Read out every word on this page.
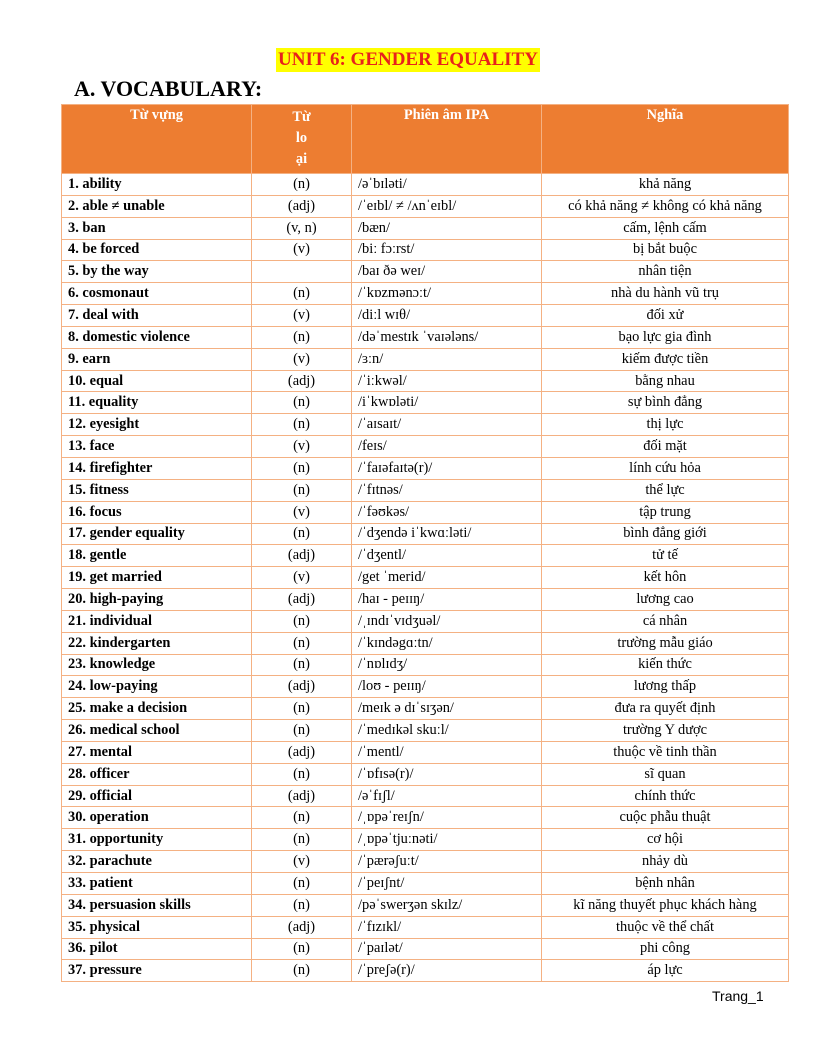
UNIT 6: GENDER EQUALITY
A. VOCABULARY:
Từ vựng	Từ
lo
ại	Phiên âm IPA	Nghĩa
1. ability	(n)	/əˈbɪləti/	khả năng
2. able ≠ unable	(adj)	/ˈeɪbl/ ≠ /ʌnˈeɪbl/	có khả năng ≠ không có khả năng
3. ban	(v, n)	/bæn/	cấm, lệnh cấm
4. be forced	(v)	/biː fɔːrst/	bị bắt buộc
5. by the way		/baɪ ðə weɪ/	nhân tiện
6. cosmonaut	(n)	/ˈkɒzmənɔːt/	nhà du hành vũ trụ
7. deal with	(v)	/diːl wɪθ/	đối xử
8. domestic violence	(n)	/dəˈmestɪk ˈvaɪələns/	bạo lực gia đình
9. earn	(v)	/ɜːn/	kiếm được tiền
10. equal	(adj)	/ˈiːkwəl/	bằng nhau
11. equality	(n)	/iˈkwɒləti/	sự bình đẳng
12. eyesight	(n)	/ˈaɪsaɪt/	thị lực
13. face	(v)	/feɪs/	đối mặt
14. firefighter	(n)	/ˈfaɪəfaɪtə(r)/	lính cứu hỏa
15. fitness	(n)	/ˈfɪtnəs/	thể lực
16. focus	(v)	/ˈfəʊkəs/	tập trung
17. gender equality	(n)	/ˈdʒendə iˈkwɑːləti/	bình đẳng giới
18. gentle	(adj)	/ˈdʒentl/	tử tế
19. get married	(v)	/get ˈmerid/	kết hôn
20. high-paying	(adj)	/haɪ - peɪɪŋ/	lương cao
21. individual	(n)	/ˌɪndɪˈvɪdʒuəl/	cá nhân
22. kindergarten	(n)	/ˈkɪndəgɑːtn/	trường mẫu giáo
23. knowledge	(n)	/ˈnɒlɪdʒ/	kiến thức
24. low-paying	(adj)	/loʊ - peɪɪŋ/	lương thấp
25. make a decision	(n)	/meɪk ə dɪˈsɪʒən/	đưa ra quyết định
26. medical school	(n)	/ˈmedɪkəl skuːl/	trường Y dược
27. mental	(adj)	/ˈmentl/	thuộc về tinh thần
28. officer	(n)	/ˈɒfɪsə(r)/	sĩ quan
29. official	(adj)	/əˈfɪʃl/	chính thức
30. operation	(n)	/ˌɒpəˈreɪʃn/	cuộc phẫu thuật
31. opportunity	(n)	/ˌɒpəˈtjuːnəti/	cơ hội
32. parachute	(v)	/ˈpærəʃuːt/	nhảy dù
33. patient	(n)	/ˈpeɪʃnt/	bệnh nhân
34. persuasion skills	(n)	/pəˈswerʒən skɪlz/	kĩ năng thuyết phục khách hàng
35. physical	(adj)	/ˈfɪzɪkl/	thuộc về thể chất
36. pilot	(n)	/ˈpaɪlət/	phi công
37. pressure	(n)	/ˈpreʃə(r)/	áp lực
Trang_1
